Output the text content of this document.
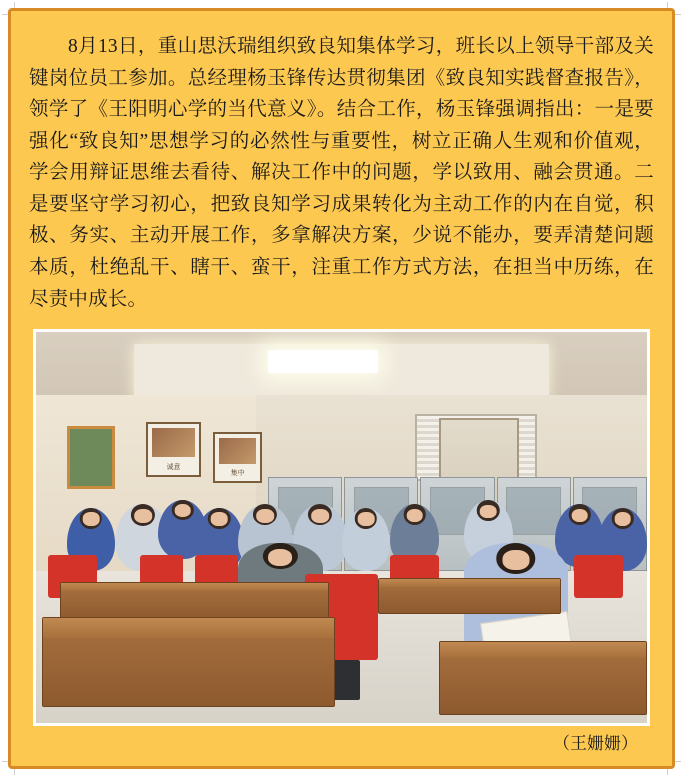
8月13日，重山思沃瑞组织致良知集体学习，班长以上领导干部及关键岗位员工参加。总经理杨玉锋传达贯彻集团《致良知实践督查报告》，领学了《王阳明心学的当代意义》。结合工作，杨玉锋强调指出：一是要强化“致良知”思想学习的必然性与重要性，树立正确人生观和价值观，学会用辩证思维去看待、解决工作中的问题，学以致用、融会贯通。二是要坚守学习初心，把致良知学习成果转化为主动工作的内在自觉，积极、务实、主动开展工作，多拿解决方案，少说不能办，要弄清楚问题本质，杜绝乱干、瞎干、蛮干，注重工作方式方法，在担当中历练，在尽责中成长。
诚意
集中
（王姗姗）
